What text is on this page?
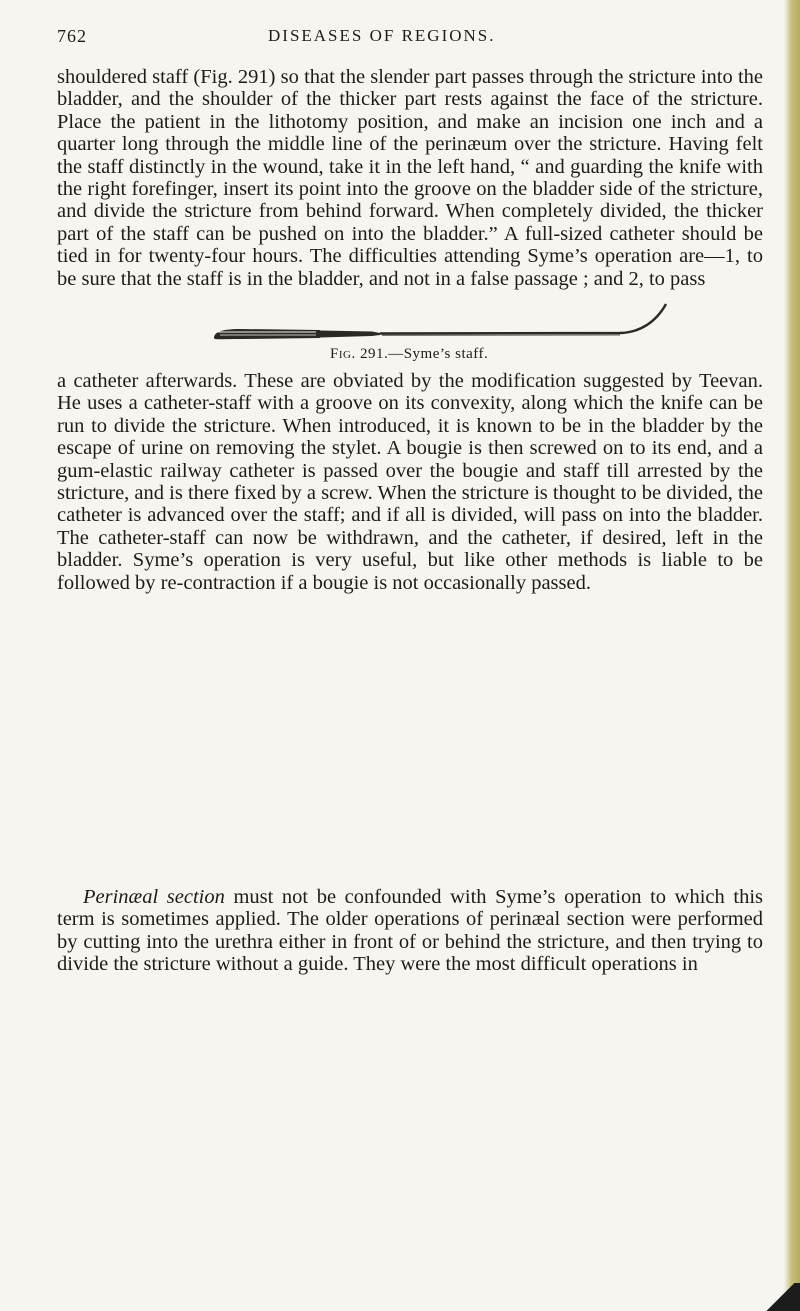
762	DISEASES OF REGIONS.

shouldered staff (Fig. 291) so that the slender part passes through the stricture into the bladder, and the shoulder of the thicker part rests against the face of the stricture. Place the patient in the lithotomy position, and make an incision one inch and a quarter long through the middle line of the perinæum over the stricture. Having felt the staff distinctly in the wound, take it in the left hand, “ and guarding the knife with the right forefinger, insert its point into the groove on the bladder side of the stricture, and divide the stricture from behind forward. When completely divided, the thicker part of the staff can be pushed on into the bladder.” A full-sized catheter should be tied in for twenty-four hours. The difficulties attending Syme’s operation are—1, to be sure that the staff is in the bladder, and not in a false passage ; and 2, to pass

Fig. 291.—Syme’s staff.

a catheter afterwards. These are obviated by the modification suggested by Teevan. He uses a catheter-staff with a groove on its convexity, along which the knife can be run to divide the stricture. When introduced, it is known to be in the bladder by the escape of urine on removing the stylet. A bougie is then screwed on to its end, and a gum-elastic railway catheter is passed over the bougie and staff till arrested by the stricture, and is there fixed by a screw. When the stricture is thought to be divided, the catheter is advanced over the staff; and if all is divided, will pass on into the bladder. The catheter-staff can now be withdrawn, and the catheter, if desired, left in the bladder. Syme’s operation is very useful, but like other methods is liable to be followed by re-contraction if a bougie is not occasionally passed.

Perinæal section must not be confounded with Syme’s operation to which this term is sometimes applied. The older operations of perinæal section were performed by cutting into the urethra either in front of or behind the stricture, and then trying to divide the stricture without a guide. They were the most difficult operations in
